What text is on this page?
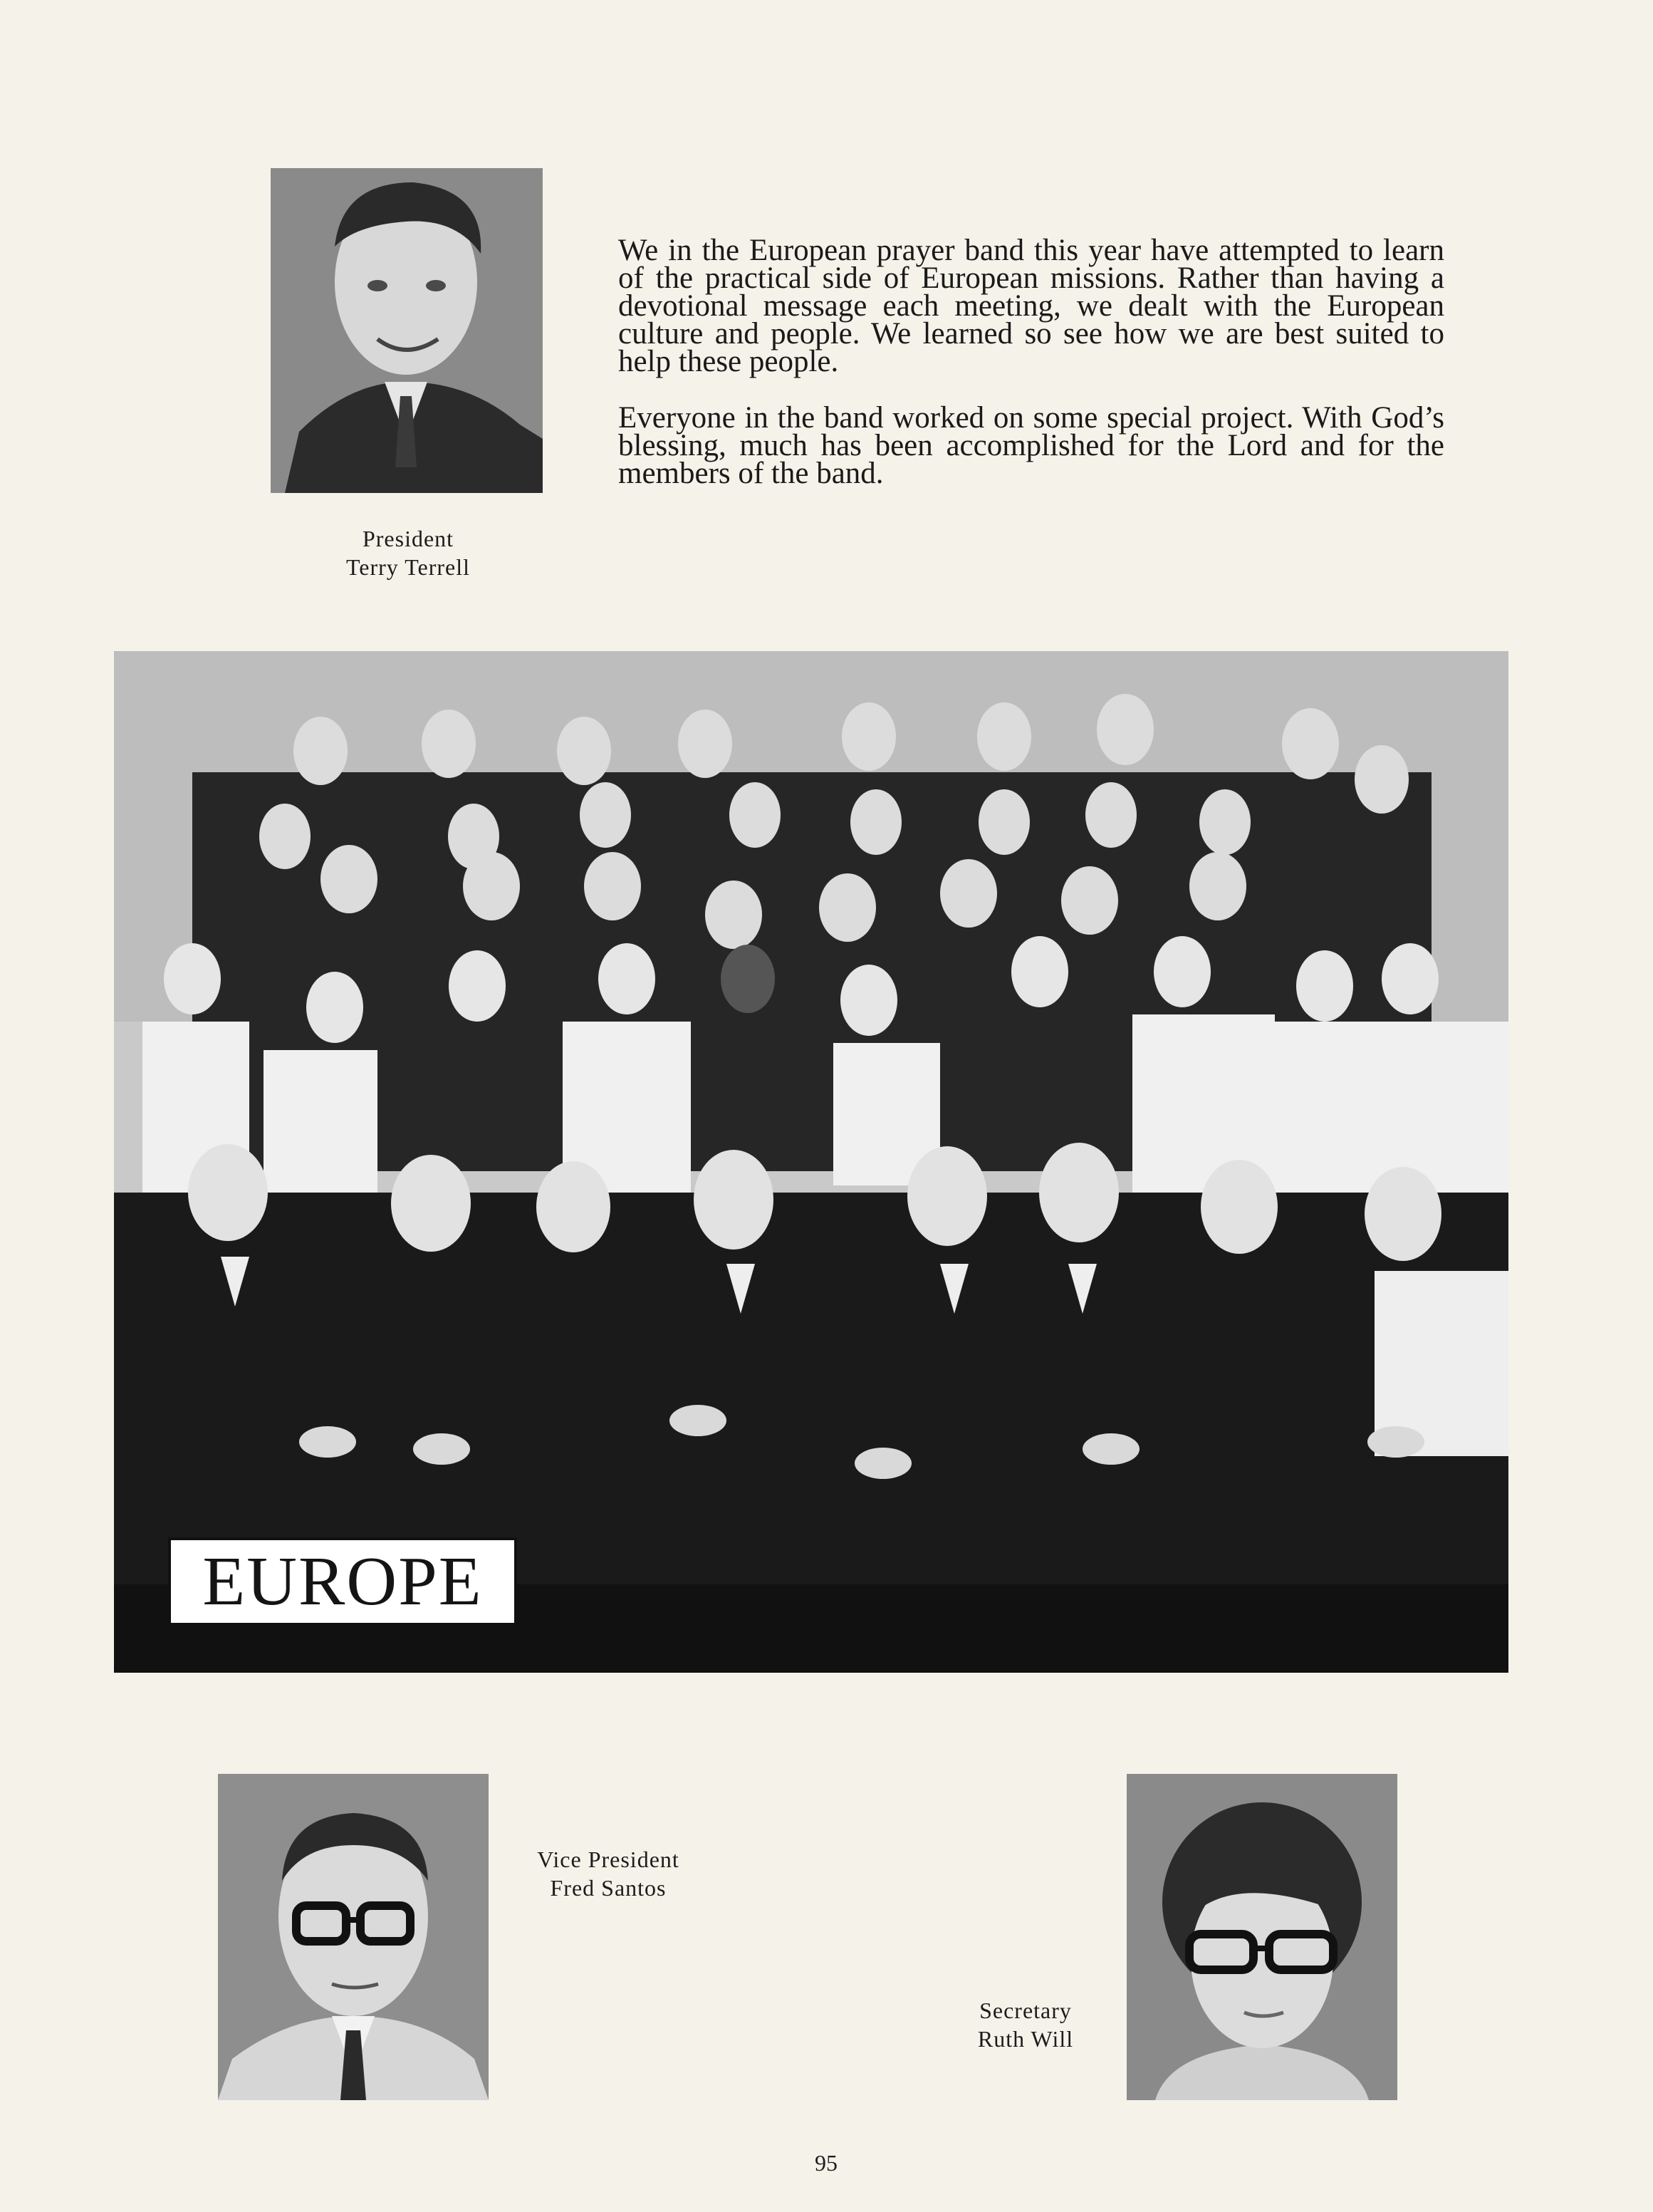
President
Terry Terrell

We in the European prayer band this year have attempted to learn of the practical side of European missions. Rather than having a devotional message each meeting, we dealt with the European culture and people. We learned so see how we are best suited to help these people.

Everyone in the band worked on some special project. With God’s blessing, much has been accomplished for the Lord and for the members of the band.

EUROPE
Vice President
Fred Santos
Secretary
Ruth Will
95
